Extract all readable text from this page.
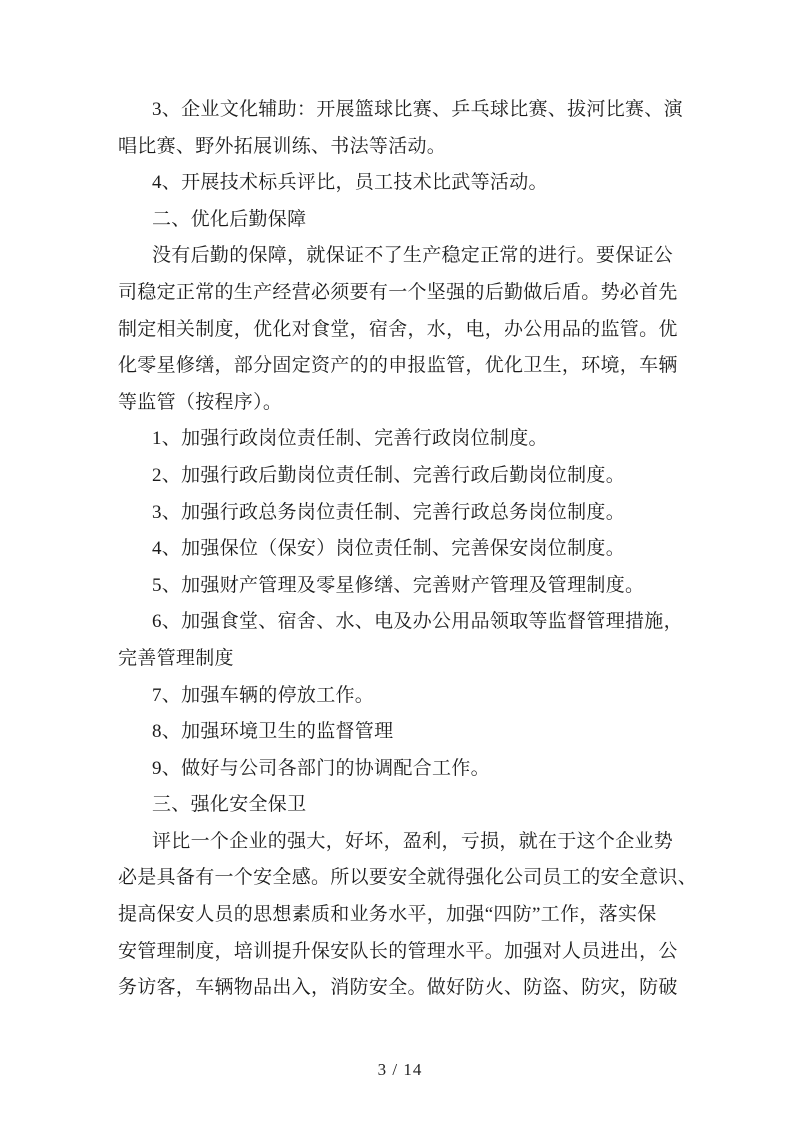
3、企业文化辅助：开展篮球比赛、乒乓球比赛、拔河比赛、演
唱比赛、野外拓展训练、书法等活动。

4、开展技术标兵评比，员工技术比武等活动。

二、优化后勤保障

没有后勤的保障，就保证不了生产稳定正常的进行。要保证公
司稳定正常的生产经营必须要有一个坚强的后勤做后盾。势必首先
制定相关制度，优化对食堂，宿舍，水，电，办公用品的监管。优
化零星修缮，部分固定资产的的申报监管，优化卫生，环境，车辆
等监管（按程序）。

1、加强行政岗位责任制、完善行政岗位制度。

2、加强行政后勤岗位责任制、完善行政后勤岗位制度。

3、加强行政总务岗位责任制、完善行政总务岗位制度。

4、加强保位（保安）岗位责任制、完善保安岗位制度。

5、加强财产管理及零星修缮、完善财产管理及管理制度。

6、加强食堂、宿舍、水、电及办公用品领取等监督管理措施，
完善管理制度

7、加强车辆的停放工作。

8、加强环境卫生的监督管理

9、做好与公司各部门的协调配合工作。

三、强化安全保卫

评比一个企业的强大，好坏，盈利，亏损，就在于这个企业势
必是具备有一个安全感。所以要安全就得强化公司员工的安全意识、
提高保安人员的思想素质和业务水平，加强“四防”工作，落实保
安管理制度，培训提升保安队长的管理水平。加强对人员进出，公
务访客，车辆物品出入，消防安全。做好防火、防盗、防灾，防破

3 / 14
